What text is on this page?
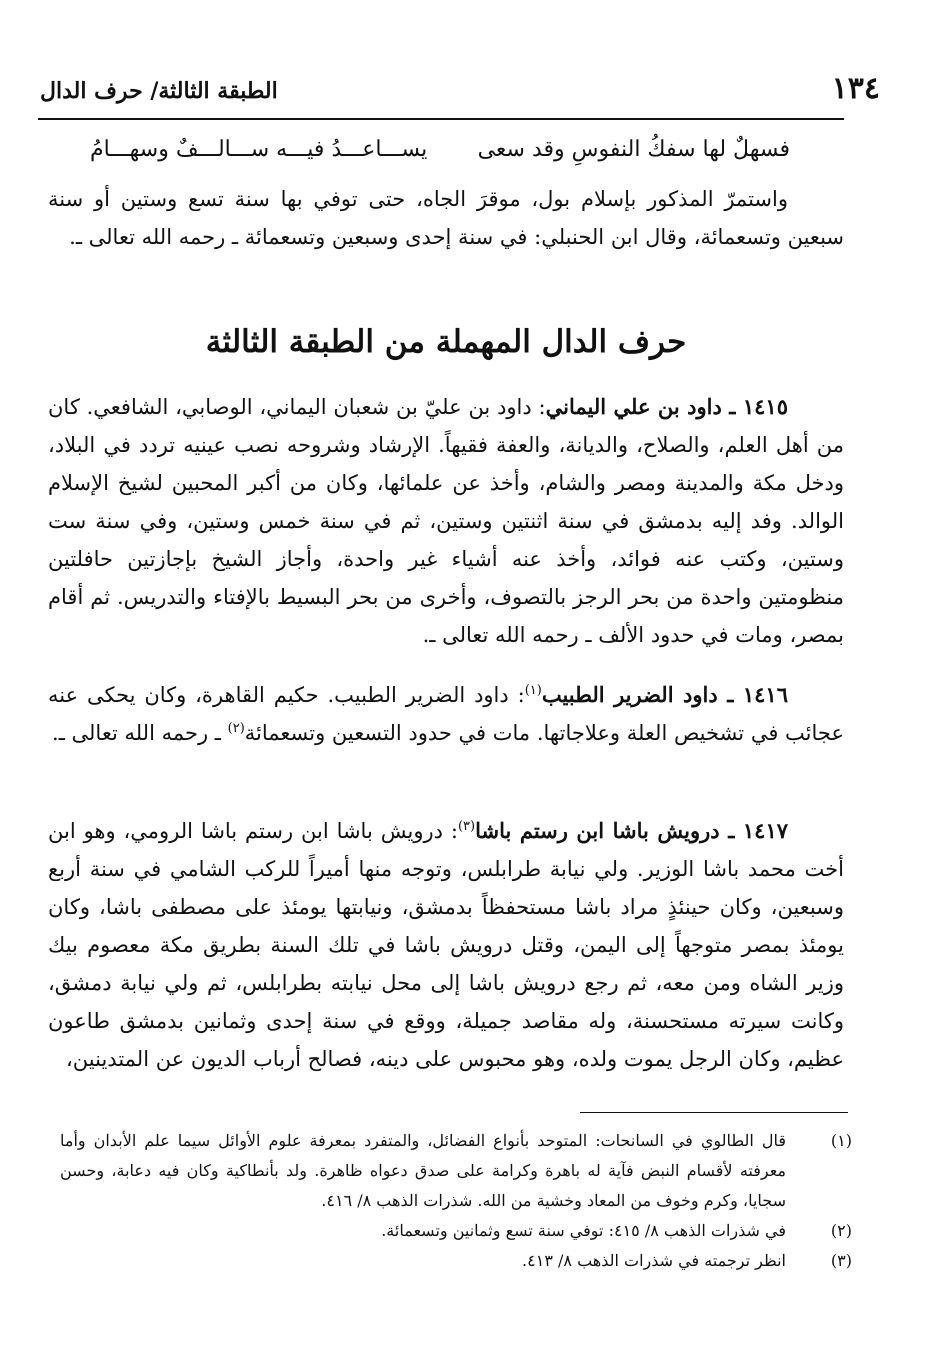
١٣٤
الطبقة الثالثة/ حرف الدال
فسهلٌ لها سفكُ النفوسِ وقد سعى
يســـاعـــدُ فيـــه ســـالـــفٌ وسهـــامُ

واستمرّ المذكور بإسلام بول، موقرَ الجاه، حتى توفي بها سنة تسع وستين أو سنة سبعين وتسعمائة، وقال ابن الحنبلي: في سنة إحدى وسبعين وتسعمائة ـ رحمه الله تعالى ـ.

حرف الدال المهملة من الطبقة الثالثة

١٤١٥ ـ داود بن علي اليماني: داود بن عليّ بن شعبان اليماني، الوصابي، الشافعي. كان من أهل العلم، والصلاح، والديانة، والعفة فقيهاً. الإرشاد وشروحه نصب عينيه تردد في البلاد، ودخل مكة والمدينة ومصر والشام، وأخذ عن علمائها، وكان من أكبر المحبين لشيخ الإسلام الوالد. وفد إليه بدمشق في سنة اثنتين وستين، ثم في سنة خمس وستين، وفي سنة ست وستين، وكتب عنه فوائد، وأخذ عنه أشياء غير واحدة، وأجاز الشيخ بإجازتين حافلتين منظومتين واحدة من بحر الرجز بالتصوف، وأخرى من بحر البسيط بالإفتاء والتدريس. ثم أقام بمصر، ومات في حدود الألف ـ رحمه الله تعالى ـ.

١٤١٦ ـ داود الضرير الطبيب$^{(١)}$: داود الضرير الطبيب. حكيم القاهرة، وكان يحكى عنه عجائب في تشخيص العلة وعلاجاتها. مات في حدود التسعين وتسعمائة$^{(٢)}$ ـ رحمه الله تعالى ـ.

١٤١٧ ـ درويش باشا ابن رستم باشا$^{(٣)}$: درويش باشا ابن رستم باشا الرومي، وهو ابن أخت محمد باشا الوزير. ولي نيابة طرابلس، وتوجه منها أميراً للركب الشامي في سنة أربع وسبعين، وكان حينئذٍ مراد باشا مستحفظاً بدمشق، ونيابتها يومئذ على مصطفى باشا، وكان يومئذ بمصر متوجهاً إلى اليمن، وقتل درويش باشا في تلك السنة بطريق مكة معصوم بيك وزير الشاه ومن معه، ثم رجع درويش باشا إلى محل نيابته بطرابلس، ثم ولي نيابة دمشق، وكانت سيرته مستحسنة، وله مقاصد جميلة، ووقع في سنة إحدى وثمانين بدمشق طاعون عظيم، وكان الرجل يموت ولده، وهو محبوس على دينه، فصالح أرباب الديون عن المتدينين،

(١)
قال الطالوي في السانحات: المتوحد بأنواع الفضائل، والمتفرد بمعرفة علوم الأوائل سيما علم الأبدان وأما معرفته لأقسام النبض فآية له باهرة وكرامة على صدق دعواه ظاهرة. ولد بأنطاكية وكان فيه دعابة، وحسن سجايا، وكرم وخوف من المعاد وخشية من الله. شذرات الذهب ٨/ ٤١٦.
(٢)
في شذرات الذهب ٨/ ٤١٥: توفي سنة تسع وثمانين وتسعمائة.
(٣)
انظر ترجمته في شذرات الذهب ٨/ ٤١٣.
